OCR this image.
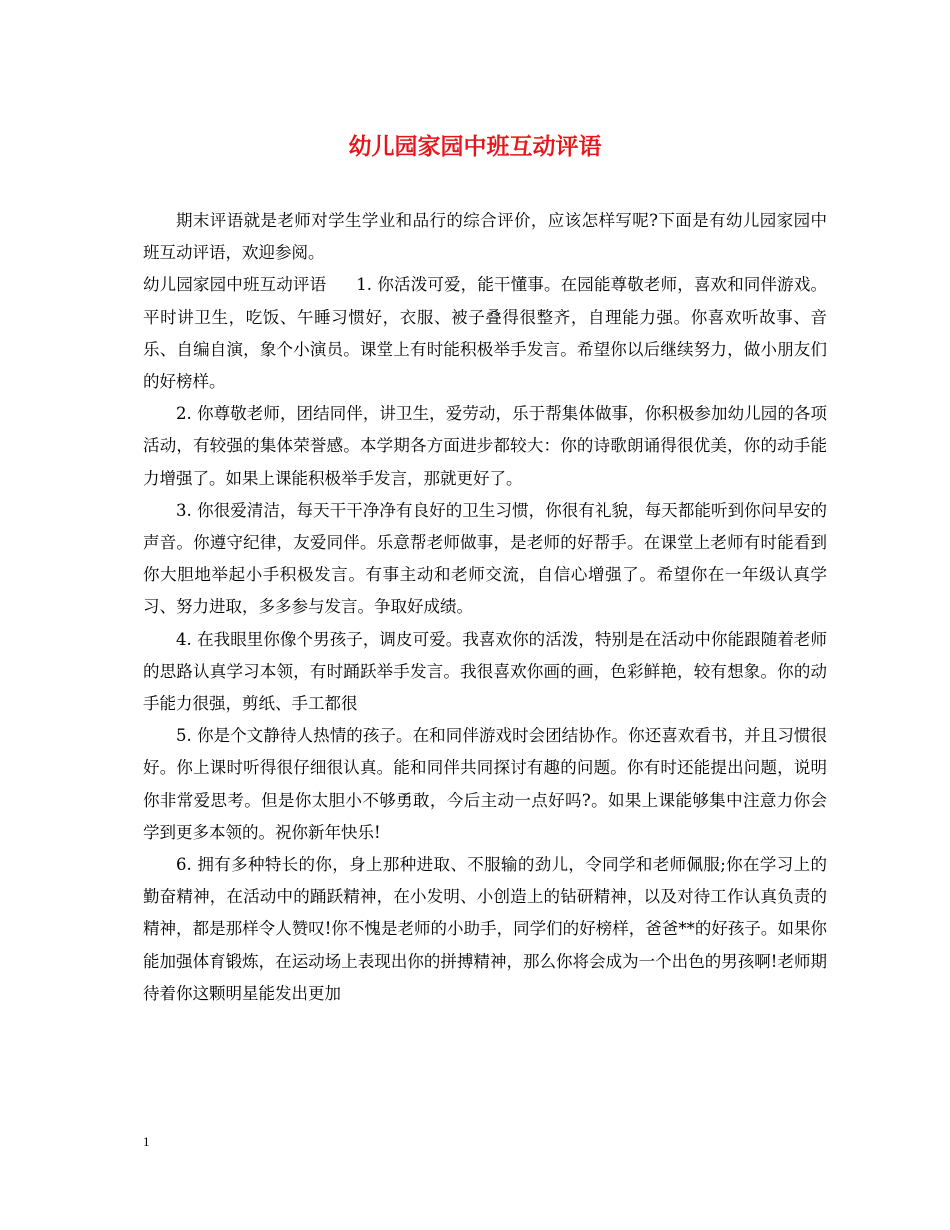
幼儿园家园中班互动评语

期末评语就是老师对学生学业和品行的综合评价，应该怎样写呢?下面是有幼儿园家园中班互动评语，欢迎参阅。

幼儿园家园中班互动评语 1. 你活泼可爱，能干懂事。在园能尊敬老师，喜欢和同伴游戏。平时讲卫生，吃饭、午睡习惯好，衣服、被子叠得很整齐，自理能力强。你喜欢听故事、音乐、自编自演，象个小演员。课堂上有时能积极举手发言。希望你以后继续努力，做小朋友们的好榜样。

2. 你尊敬老师，团结同伴，讲卫生，爱劳动，乐于帮集体做事，你积极参加幼儿园的各项活动，有较强的集体荣誉感。本学期各方面进步都较大：你的诗歌朗诵得很优美，你的动手能力增强了。如果上课能积极举手发言，那就更好了。

3. 你很爱清洁，每天干干净净有良好的卫生习惯，你很有礼貌，每天都能听到你问早安的声音。你遵守纪律，友爱同伴。乐意帮老师做事，是老师的好帮手。在课堂上老师有时能看到你大胆地举起小手积极发言。有事主动和老师交流，自信心增强了。希望你在一年级认真学习、努力进取，多多参与发言。争取好成绩。

4. 在我眼里你像个男孩子，调皮可爱。我喜欢你的活泼，特别是在活动中你能跟随着老师的思路认真学习本领，有时踊跃举手发言。我很喜欢你画的画，色彩鲜艳，较有想象。你的动手能力很强，剪纸、手工都很

5. 你是个文静待人热情的孩子。在和同伴游戏时会团结协作。你还喜欢看书，并且习惯很好。你上课时听得很仔细很认真。能和同伴共同探讨有趣的问题。你有时还能提出问题，说明你非常爱思考。但是你太胆小不够勇敢，今后主动一点好吗?。如果上课能够集中注意力你会学到更多本领的。祝你新年快乐!

6. 拥有多种特长的你，身上那种进取、不服输的劲儿，令同学和老师佩服;你在学习上的勤奋精神，在活动中的踊跃精神，在小发明、小创造上的钻研精神，以及对待工作认真负责的精神，都是那样令人赞叹!你不愧是老师的小助手，同学们的好榜样，爸爸**的好孩子。如果你能加强体育锻炼，在运动场上表现出你的拼搏精神，那么你将会成为一个出色的男孩啊!老师期待着你这颗明星能发出更加

1
